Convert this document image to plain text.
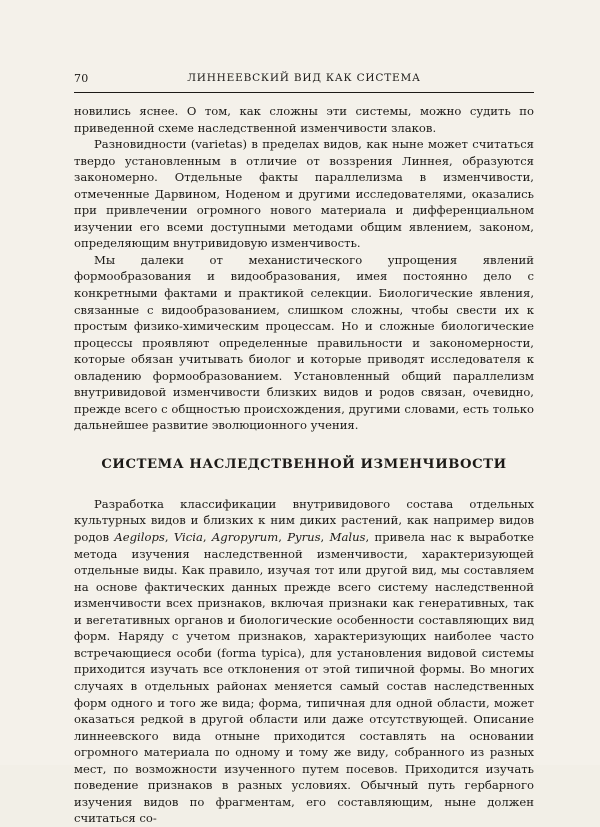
70	ЛИННЕЕВСКИЙ ВИД КАК СИСТЕМА

новились яснее. О том, как сложны эти системы, можно судить по приведенной схеме наследственной изменчивости злаков.

Разновидности (varietas) в пределах видов, как ныне может считаться твердо установленным в отличие от воззрения Линнея, образуются закономерно. Отдельные факты параллелизма в изменчивости, отмеченные Дарвином, Ноденом и другими исследователями, оказались при привлечении огромного нового материала и дифференциальном изучении его всеми доступными методами общим явлением, законом, определяющим внутривидовую изменчивость.

Мы далеки от механистического упрощения явлений формообразования и видообразования, имея постоянно дело с конкретными фактами и практикой селекции. Биологические явления, связанные с видообразованием, слишком сложны, чтобы свести их к простым физико-химическим процессам. Но и сложные биологические процессы проявляют определенные правильности и закономерности, которые обязан учитывать биолог и которые приводят исследователя к овладению формообразованием. Установленный общий параллелизм внутривидовой изменчивости близких видов и родов связан, очевидно, прежде всего с общностью происхождения, другими словами, есть только дальнейшее развитие эволюционного учения.

СИСТЕМА НАСЛЕДСТВЕННОЙ ИЗМЕНЧИВОСТИ

Разработка классификации внутривидового состава отдельных культурных видов и близких к ним диких растений, как например видов родов Aegilops, Vicia, Agropyrum, Pyrus, Malus, привела нас к выработке метода изучения наследственной изменчивости, характеризующей отдельные виды. Как правило, изучая тот или другой вид, мы составляем на основе фактических данных прежде всего систему наследственной изменчивости всех признаков, включая признаки как генеративных, так и вегетативных органов и биологические особенности составляющих вид форм. Наряду с учетом признаков, характеризующих наиболее часто встречающиеся особи (forma typica), для установления видовой системы приходится изучать все отклонения от этой типичной формы. Во многих случаях в отдельных районах меняется самый состав наследственных форм одного и того же вида; форма, типичная для одной области, может оказаться редкой в другой области или даже отсутствующей. Описание линнеевского вида отныне приходится составлять на основании огромного материала по одному и тому же виду, собранного из разных мест, по возможности изученного путем посевов. Приходится изучать поведение признаков в разных условиях. Обычный путь гербарного изучения видов по фрагментам, его составляющим, ныне должен считаться со-
